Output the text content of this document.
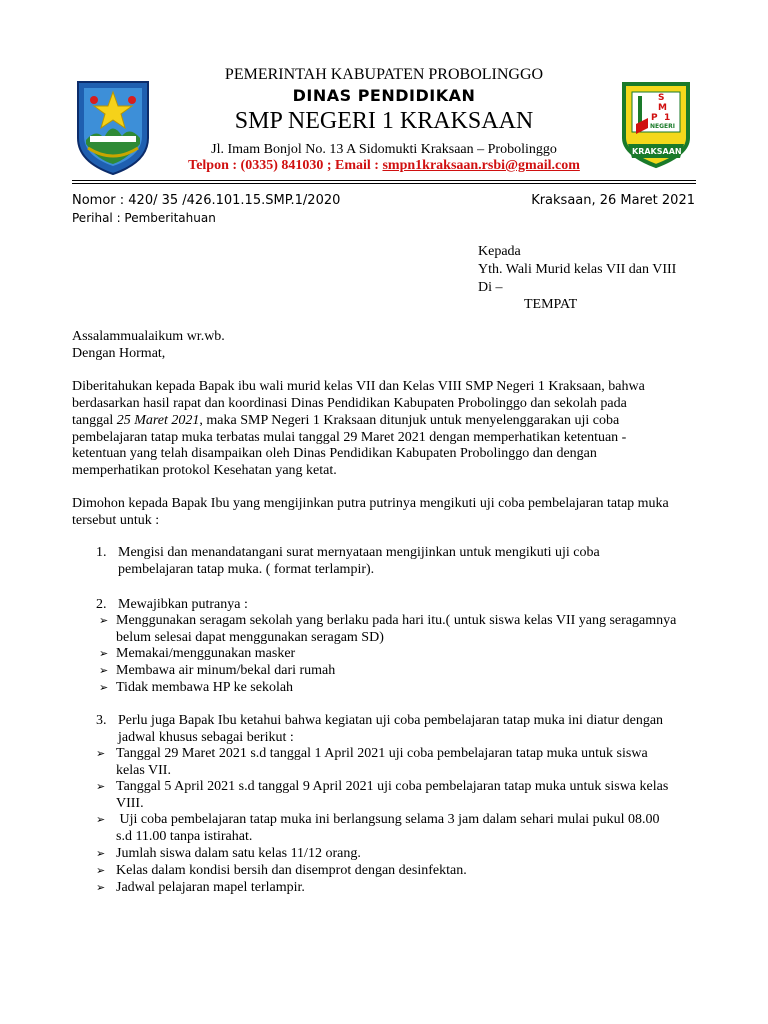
S
M
P 1
NEGERI
KRAKSAAN
PEMERINTAH KABUPATEN PROBOLINGGO
DINAS PENDIDIKAN
SMP NEGERI 1 KRAKSAAN
Jl. Imam Bonjol No. 13 A Sidomukti Kraksaan – Probolinggo
Telpon : (0335) 841030 ; Email : smpn1kraksaan.rsbi@gmail.com
Nomor : 420/ 35 /426.101.15.SMP.1/2020	Kraksaan, 26 Maret 2021
Perihal : Pemberitahuan
Kepada
Yth. Wali Murid kelas VII dan VIII
Di –
TEMPAT
Assalammualaikum wr.wb.
Dengan Hormat,
Diberitahukan kepada Bapak ibu wali murid kelas VII dan Kelas VIII SMP Negeri 1 Kraksaan, bahwa
berdasarkan hasil rapat dan koordinasi Dinas Pendidikan Kabupaten Probolinggo dan sekolah pada
tanggal 25 Maret 2021, maka SMP Negeri 1 Kraksaan ditunjuk untuk menyelenggarakan uji coba
pembelajaran tatap muka terbatas mulai tanggal 29 Maret 2021 dengan memperhatikan ketentuan -
ketentuan yang telah disampaikan oleh Dinas Pendidikan Kabupaten Probolinggo dan dengan
memperhatikan protokol Kesehatan yang ketat.
Dimohon kepada Bapak Ibu yang mengijinkan putra putrinya mengikuti uji coba pembelajaran tatap muka
tersebut untuk :
1. Mengisi dan menandatangani surat mernyataan mengijinkan untuk mengikuti uji coba
pembelajaran tatap muka. ( format terlampir).
2. Mewajibkan putranya :
➢ Menggunakan seragam sekolah yang berlaku pada hari itu.( untuk siswa kelas VII yang seragamnya
belum selesai dapat menggunakan seragam SD)
➢ Memakai/menggunakan masker
➢ Membawa air minum/bekal dari rumah
➢ Tidak membawa HP ke sekolah
3. Perlu juga Bapak Ibu ketahui bahwa kegiatan uji coba pembelajaran tatap muka ini diatur dengan
jadwal khusus sebagai berikut :
➢ Tanggal 29 Maret 2021 s.d tanggal 1 April 2021 uji coba pembelajaran tatap muka untuk siswa
kelas VII.
➢ Tanggal 5 April 2021 s.d tanggal 9 April 2021 uji coba pembelajaran tatap muka untuk siswa kelas
VIII.
➢ Uji coba pembelajaran tatap muka ini berlangsung selama 3 jam dalam sehari mulai pukul 08.00
s.d 11.00 tanpa istirahat.
➢ Jumlah siswa dalam satu kelas 11/12 orang.
➢ Kelas dalam kondisi bersih dan disemprot dengan desinfektan.
➢ Jadwal pelajaran mapel terlampir.
